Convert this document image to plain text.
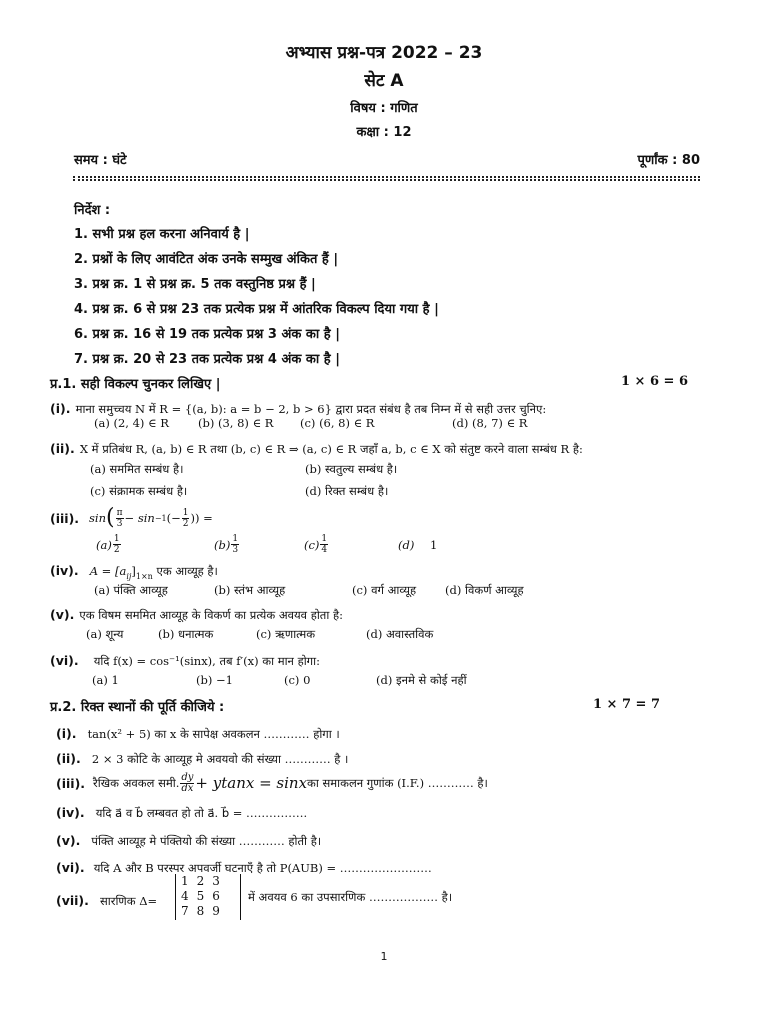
अभ्यास प्रश्न-पत्र 2022 – 23
सेट A
विषय : गणित
कक्षा : 12
समय : घंटे	पूर्णांक : 80
निर्देश :
1. सभी प्रश्न हल करना अनिवार्य है |
2. प्रश्नों के लिए आवंटित अंक उनके सम्मुख अंकित हैं |
3. प्रश्न क्र. 1 से प्रश्न क्र. 5 तक वस्तुनिष्ठ प्रश्न हैं |
4. प्रश्न क्र. 6 से प्रश्न 23 तक प्रत्येक प्रश्न में आंतरिक विकल्प दिया गया है |
6. प्रश्न क्र. 16 से 19 तक प्रत्येक प्रश्न 3 अंक का है |
7. प्रश्न क्र. 20 से 23 तक प्रत्येक प्रश्न 4 अंक का है |
प्र.1. सही विकल्प चुनकर लिखिए |	1 × 6 = 6
(i). माना समुच्चय N में R = {(a, b): a = b − 2, b > 6} द्वारा प्रदत संबंध है तब निम्न में से सही उत्तर चुनिए:
(a) (2, 4) ∈ R	(b) (3, 8) ∈ R (c) (6, 8) ∈ R	(d) (8, 7) ∈ R
(ii). X में प्रतिबंध R, (a, b) ∈ R तथा (b, c) ∈ R ⇒ (a, c) ∈ R जहाँ a, b, c ∈ X को संतुष्ट करने वाला सम्बंध R है:
(a) सममित सम्बंध है।	(b) स्वतुल्य सम्बंध है।
(c) संक्रामक सम्बंध है।	(d) रिक्त सम्बंध है।
(iii). sin ( $\frac{\pi}{3} - \sin -1$ (− $\frac{1}{2}$ )) =
$(a) \frac{1}{2}$	$(b) \frac{1}{3}$	$(c) \frac{1}{4}$	(d) 1
(iv). $A = [a_{ij}]_{1\times n}$ एक आव्यूह है।
(a) पंक्ति आव्यूह	(b) स्तंभ आव्यूह	(c) वर्ग आव्यूह	(d) विकर्ण आव्यूह
(v). एक विषम सममित आव्यूह के विकर्ण का प्रत्येक अवयव होता है:
(a) शून्य	(b) धनात्मक	(c) ऋणात्मक	(d) अवास्तविक
(vi). यदि f(x) = cos⁻¹(sinx), तब f′(x) का मान होगा:
(a) 1	(b) −1	(c) 0	(d) इनमे से कोई नहीं
प्र.2. रिक्त स्थानों की पूर्ति कीजिये :	1 × 7 = 7
(i). tan(x² + 5) का x के सापेक्ष अवकलन ………… होगा ।
(ii). 2 × 3 कोटि के आव्यूह मे अवयवो की संख्या ………… है ।
(iii). रैखिक अवकल समी. $\frac{dy}{dx} + ytanx = \sin x$ का समाकलन गुणांक (I.F.) ………… है।
(iv). यदि a⃗ व b⃗ लम्बवत हो तो a⃗. b⃗ = …………….
(v). पंक्ति आव्यूह मे पंक्तियो की संख्या ………… होती है।
(vi). यदि A और B परस्पर अपवर्जी घटनाएँ है तो P(AUB) = ……………………
(vii). सारणिक Δ=
1	2	3
4	5	6
7	8	9
में अवयव 6 का उपसारणिक ……………… है।
1
